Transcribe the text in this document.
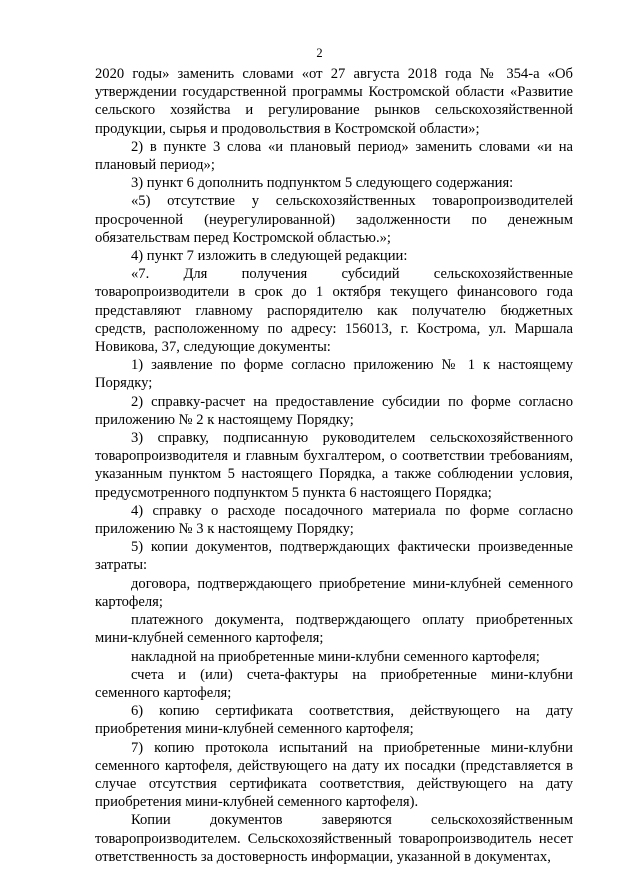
2

2020 годы» заменить словами «от 27 августа 2018 года № 354-а «Об утверждении государственной программы Костромской области «Развитие сельского хозяйства и регулирование рынков сельскохозяйственной продукции, сырья и продовольствия в Костромской области»;

2) в пункте 3 слова «и плановый период» заменить словами «и на плановый период»;

3) пункт 6 дополнить подпунктом 5 следующего содержания:

«5) отсутствие у сельскохозяйственных товаропроизводителей просроченной (неурегулированной) задолженности по денежным обязательствам перед Костромской областью.»;

4) пункт 7 изложить в следующей редакции:

«7. Для получения субсидий сельскохозяйственные товаропроизводители в срок до 1 октября текущего финансового года представляют главному распорядителю как получателю бюджетных средств, расположенному по адресу: 156013, г. Кострома, ул. Маршала Новикова, 37, следующие документы:

1) заявление по форме согласно приложению № 1 к настоящему Порядку;

2) справку-расчет на предоставление субсидии по форме согласно приложению № 2 к настоящему Порядку;

3) справку, подписанную руководителем сельскохозяйственного товаропроизводителя и главным бухгалтером, о соответствии требованиям, указанным пунктом 5 настоящего Порядка, а также соблюдении условия, предусмотренного подпунктом 5 пункта 6 настоящего Порядка;

4) справку о расходе посадочного материала по форме согласно приложению № 3 к настоящему Порядку;

5) копии документов, подтверждающих фактически произведенные затраты:

договора, подтверждающего приобретение мини-клубней семенного картофеля;

платежного документа, подтверждающего оплату приобретенных мини-клубней семенного картофеля;

накладной на приобретенные мини-клубни семенного картофеля;

счета и (или) счета-фактуры на приобретенные мини-клубни семенного картофеля;

6) копию сертификата соответствия, действующего на дату приобретения мини-клубней семенного картофеля;

7) копию протокола испытаний на приобретенные мини-клубни семенного картофеля, действующего на дату их посадки (представляется в случае отсутствия сертификата соответствия, действующего на дату приобретения мини-клубней семенного картофеля).

Копии документов заверяются сельскохозяйственным товаропроизводителем. Сельскохозяйственный товаропроизводитель несет ответственность за достоверность информации, указанной в документах,
